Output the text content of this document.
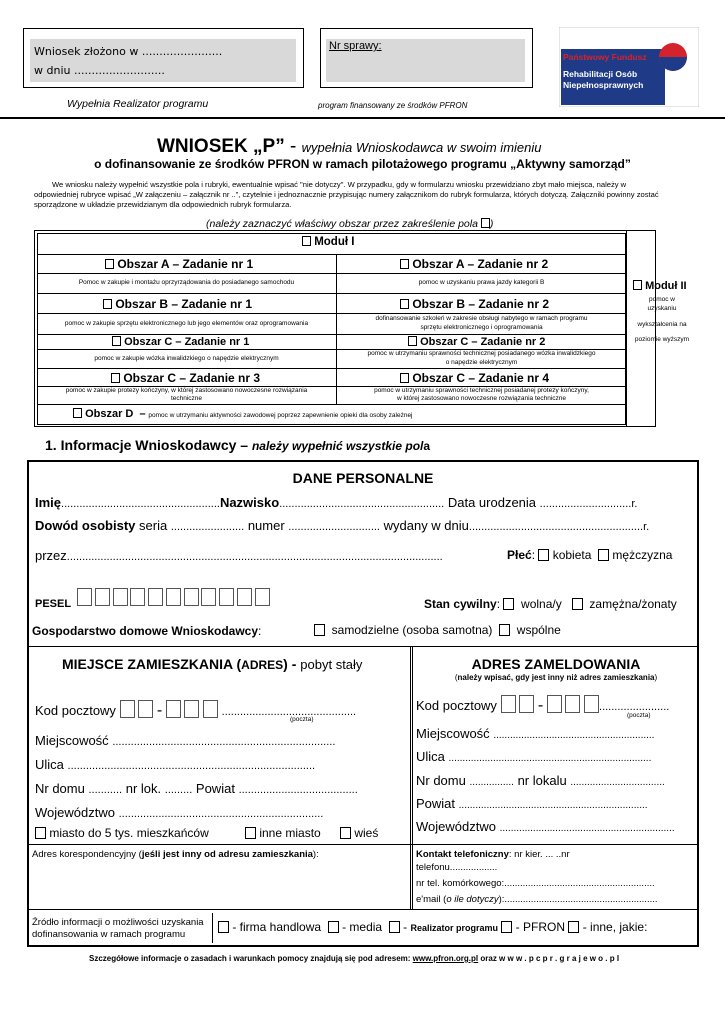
Wniosek złożono w .......................
w dniu ..........................
Nr sprawy:
Państwowy Fundusz
Rehabilitacji Osób
Niepełnosprawnych
Wypełnia Realizator programu	program finansowany ze środków PFRON
WNIOSEK „P” - wypełnia Wnioskodawca w swoim imieniu
o dofinansowanie ze środków PFRON w ramach pilotażowego programu „Aktywny samorząd”
We wniosku należy wypełnić wszystkie pola i rubryki, ewentualnie wpisać "nie dotyczy". W przypadku, gdy w formularzu wniosku przewidziano zbyt mało miejsca, należy w odpowiedniej rubryce wpisać „W załączeniu – załącznik nr ..”, czytelnie i jednoznacznie przypisując numery załącznikom do rubryk formularza, których dotyczą. Załączniki powinny zostać sporządzone w układzie przewidzianym dla odpowiednich rubryk formularza.
(należy zaznaczyć właściwy obszar przez zakreślenie pola )
Moduł I
Obszar A – Zadanie nr 1	Obszar A – Zadanie nr 2
Pomoc w zakupie i montażu oprzyrządowania do posiadanego samochodu	pomoc w uzyskaniu prawa jazdy kategorii B
Obszar B – Zadanie nr 1	Obszar B – Zadanie nr 2
pomoc w zakupie sprzętu elektronicznego lub jego elementów oraz oprogramowania
dofinansowanie szkoleń w zakresie obsługi nabytego w ramach programu
sprzętu elektronicznego i oprogramowania
Obszar C – Zadanie nr 1	Obszar C – Zadanie nr 2
pomoc w zakupie wózka inwalidzkiego o napędzie elektrycznym
pomoc w utrzymaniu sprawności technicznej posiadanego wózka inwalidzkiego
o napędzie elektrycznym
Obszar C – Zadanie nr 3	Obszar C – Zadanie nr 4
pomoc w zakupie protezy kończyny, w której zastosowano nowoczesne rozwiązania
techniczne
pomoc w utrzymaniu sprawności technicznej posiadanej protezy kończyny,
w której zastosowano nowoczesne rozwiązania techniczne
Obszar D – pomoc w utrzymaniu aktywności zawodowej poprzez zapewnienie opieki dla osoby zależnej
Moduł II
pomoc w
uzyskaniu
wykształcenia na
poziomie wyższym
1. Informacje Wnioskodawcy – należy wypełnić wszystkie pola
DANE PERSONALNE
Imię....................................................Nazwisko...................................................... Data urodzenia ..............................r.
Dowód osobisty seria ........................ numer .............................. wydany w dniu.........................................................r.
przez...........................................................................................................................	Płeć:  kobieta mężczyzna
PESEL
	Stan cywilny:   wolna/y zamężna/żonaty
Gospodarstwo domowe Wnioskodawcy:	samodzielne (osoba samotna) wspólne
MIEJSCE ZAMIESZKANIA (ADRES) - pobyt stały
Kod pocztowy	-	............................................
(poczta)
Miejscowość .........................................................................
Ulica .................................................................................
Nr domu ........... nr lok. ......... Powiat .......................................
Województwo ...................................................................
miasto do 5 tys. mieszkańców	inne miasto	wieś
ADRES ZAMELDOWANIA
(należy wpisać, gdy jest inny niż adres zamieszkania)
Kod pocztowy	-	.......................
(poczta)
Miejscowość ..........................................................
Ulica .........................................................................
Nr domu ................ nr lokalu ..................................
Powiat ....................................................................
Województwo ...............................................................
Adres korespondencyjny (jeśli jest inny od adresu zamieszkania):	Kontakt telefoniczny: nr kier. ... ..nr
telefonu..................
nr tel. komórkowego:.........................................................
e'mail (o ile dotyczy):..........................................................
Źródło informacji o możliwości uzyskania
dofinansowania w ramach programu
- firma handlowa - media - Realizator programu - PFRON - inne, jakie:
Szczegółowe informacje o zasadach i warunkach pomocy znajdują się pod adresem: www.pfron.org.pl oraz w w w . p c p r . g r a j e w o . p l
